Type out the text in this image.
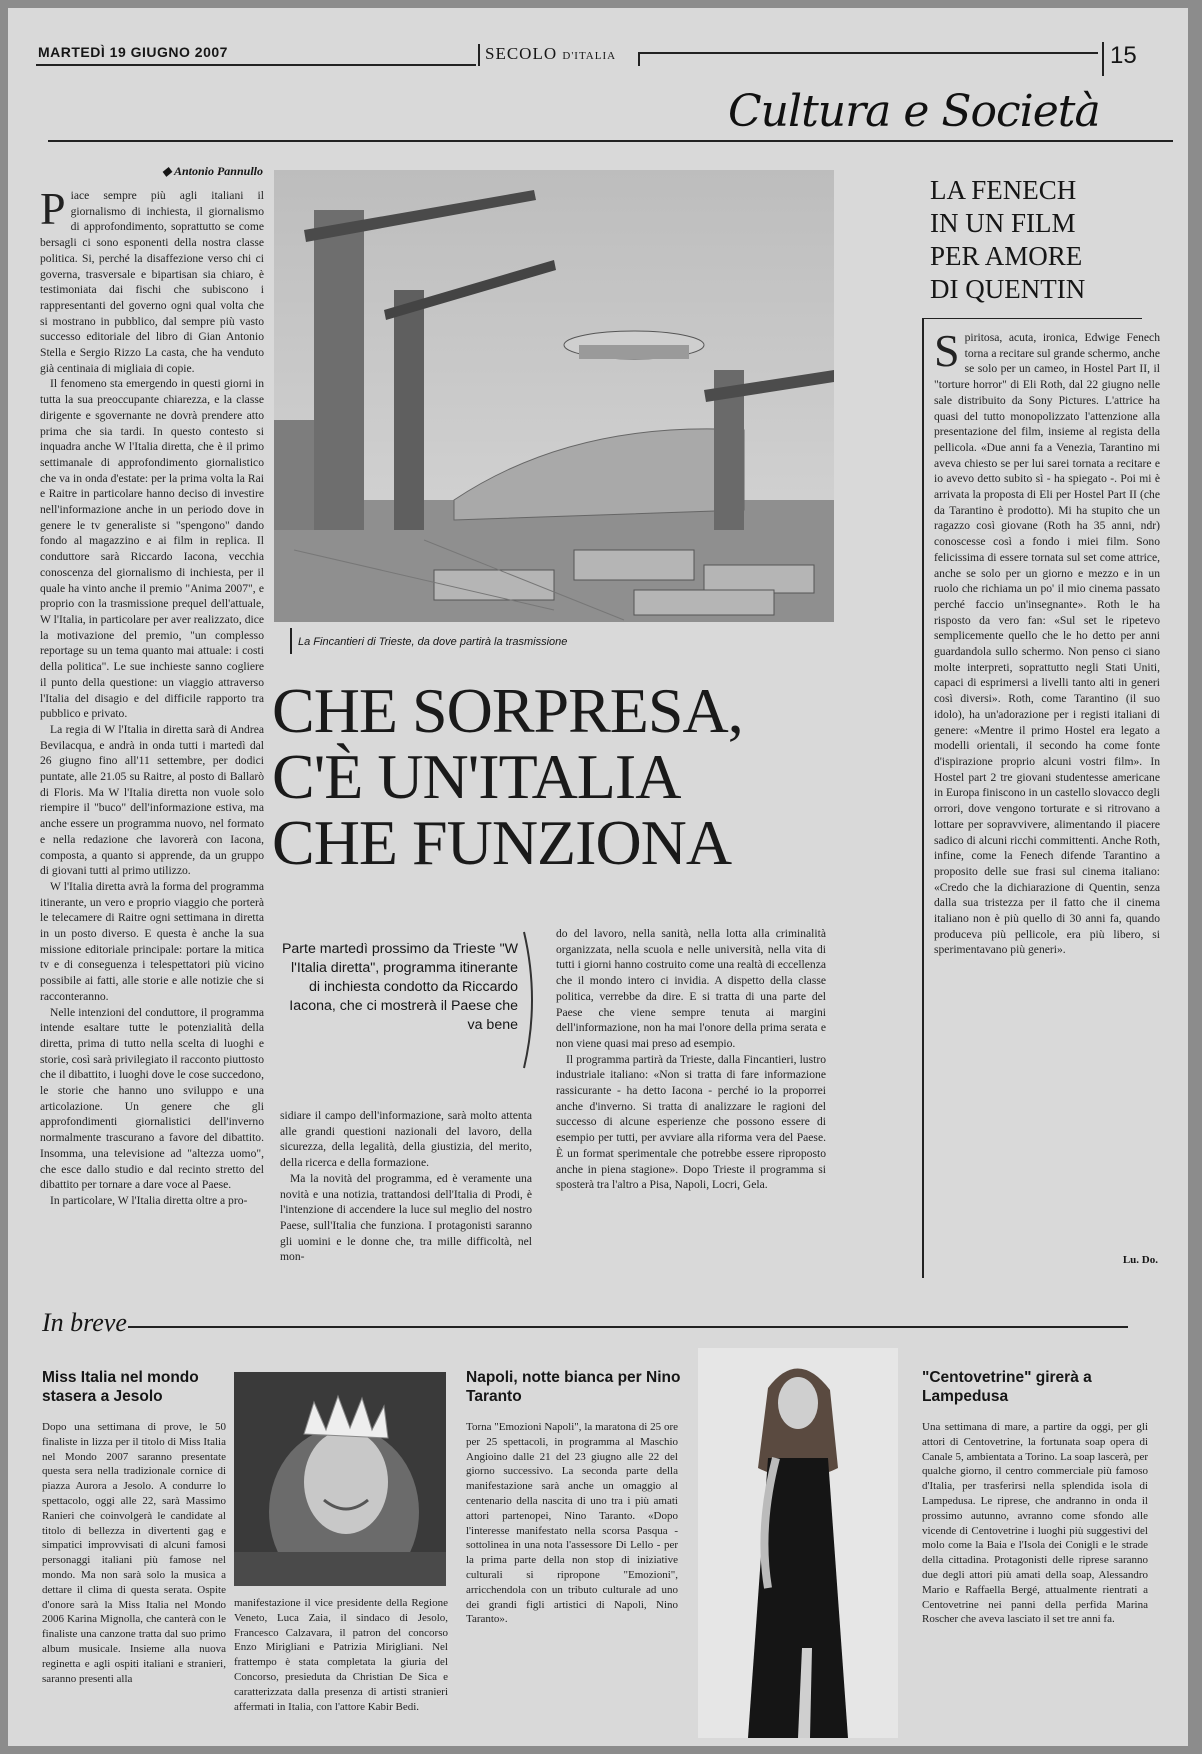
MARTEDÌ 19 GIUGNO 2007	SECOLO D'ITALIA	15
Cultura e Società
◆ Antonio Pannullo

Piace sempre più agli italiani il giornalismo di inchiesta, il giornalismo di approfondimento, soprattutto se come bersagli ci sono esponenti della nostra classe politica. Si, perché la disaffezione verso chi ci governa, trasversale e bipartisan sia chiaro, è testimoniata dai fischi che subiscono i rappresentanti del governo ogni qual volta che si mostrano in pubblico, dal sempre più vasto successo editoriale del libro di Gian Antonio Stella e Sergio Rizzo La casta, che ha venduto già centinaia di migliaia di copie.

Il fenomeno sta emergendo in questi giorni in tutta la sua preoccupante chiarezza, e la classe dirigente e sgovernante ne dovrà prendere atto prima che sia tardi. In questo contesto si inquadra anche W l'Italia diretta, che è il primo settimanale di approfondimento giornalistico che va in onda d'estate: per la prima volta la Rai e Raitre in particolare hanno deciso di investire nell'informazione anche in un periodo dove in genere le tv generaliste si "spengono" dando fondo al magazzino e ai film in replica. Il conduttore sarà Riccardo Iacona, vecchia conoscenza del giornalismo di inchiesta, per il quale ha vinto anche il premio "Anima 2007", e proprio con la trasmissione prequel dell'attuale, W l'Italia, in particolare per aver realizzato, dice la motivazione del premio, "un complesso reportage su un tema quanto mai attuale: i costi della politica". Le sue inchieste sanno cogliere il punto della questione: un viaggio attraverso l'Italia del disagio e del difficile rapporto tra pubblico e privato.

La regia di W l'Italia in diretta sarà di Andrea Bevilacqua, e andrà in onda tutti i martedì dal 26 giugno fino all'11 settembre, per dodici puntate, alle 21.05 su Raitre, al posto di Ballarò di Floris. Ma W l'Italia diretta non vuole solo riempire il "buco" dell'informazione estiva, ma anche essere un programma nuovo, nel formato e nella redazione che lavorerà con Iacona, composta, a quanto si apprende, da un gruppo di giovani tutti al primo utilizzo.

W l'Italia diretta avrà la forma del programma itinerante, un vero e proprio viaggio che porterà le telecamere di Raitre ogni settimana in diretta in un posto diverso. E questa è anche la sua missione editoriale principale: portare la mitica tv e di conseguenza i telespettatori più vicino possibile ai fatti, alle storie e alle notizie che si racconteranno.

Nelle intenzioni del conduttore, il programma intende esaltare tutte le potenzialità della diretta, prima di tutto nella scelta di luoghi e storie, così sarà privilegiato il racconto piuttosto che il dibattito, i luoghi dove le cose succedono, le storie che hanno uno sviluppo e una articolazione. Un genere che gli approfondimenti giornalistici dell'inverno normalmente trascurano a favore del dibattito. Insomma, una televisione ad "altezza uomo", che esce dallo studio e dal recinto stretto del dibattito per tornare a dare voce al Paese.

In particolare, W l'Italia diretta oltre a pro-

La Fincantieri di Trieste, da dove partirà la trasmissione
CHE SORPRESA,
C'È UN'ITALIA
CHE FUNZIONA
Parte martedì prossimo da Trieste "W l'Italia diretta", programma itinerante di inchiesta condotto da Riccardo Iacona, che ci mostrerà il Paese che va bene

sidiare il campo dell'informazione, sarà molto attenta alle grandi questioni nazionali del lavoro, della sicurezza, della legalità, della giustizia, del merito, della ricerca e della formazione.

Ma la novità del programma, ed è veramente una novità e una notizia, trattandosi dell'Italia di Prodi, è l'intenzione di accendere la luce sul meglio del nostro Paese, sull'Italia che funziona. I protagonisti saranno gli uomini e le donne che, tra mille difficoltà, nel mon-

do del lavoro, nella sanità, nella lotta alla criminalità organizzata, nella scuola e nelle università, nella vita di tutti i giorni hanno costruito come una realtà di eccellenza che il mondo intero ci invidia. A dispetto della classe politica, verrebbe da dire. E si tratta di una parte del Paese che viene sempre tenuta ai margini dell'informazione, non ha mai l'onore della prima serata e non viene quasi mai preso ad esempio.

Il programma partirà da Trieste, dalla Fincantieri, lustro industriale italiano: «Non si tratta di fare informazione rassicurante - ha detto Iacona - perché io la proporrei anche d'inverno. Si tratta di analizzare le ragioni del successo di alcune esperienze che possono essere di esempio per tutti, per avviare alla riforma vera del Paese. È un format sperimentale che potrebbe essere riproposto anche in piena stagione». Dopo Trieste il programma si sposterà tra l'altro a Pisa, Napoli, Locri, Gela.

LA FENECH
IN UN FILM
PER AMORE
DI QUENTIN

Spiritosa, acuta, ironica, Edwige Fenech torna a recitare sul grande schermo, anche se solo per un cameo, in Hostel Part II, il "torture horror" di Eli Roth, dal 22 giugno nelle sale distribuito da Sony Pictures. L'attrice ha quasi del tutto monopolizzato l'attenzione alla presentazione del film, insieme al regista della pellicola. «Due anni fa a Venezia, Tarantino mi aveva chiesto se per lui sarei tornata a recitare e io avevo detto subito sì - ha spiegato -. Poi mi è arrivata la proposta di Eli per Hostel Part II (che da Tarantino è prodotto). Mi ha stupito che un ragazzo così giovane (Roth ha 35 anni, ndr) conoscesse così a fondo i miei film. Sono felicissima di essere tornata sul set come attrice, anche se solo per un giorno e mezzo e in un ruolo che richiama un po' il mio cinema passato perché faccio un'insegnante». Roth le ha risposto da vero fan: «Sul set le ripetevo semplicemente quello che le ho detto per anni guardandola sullo schermo. Non penso ci siano molte interpreti, soprattutto negli Stati Uniti, capaci di esprimersi a livelli tanto alti in generi così diversi». Roth, come Tarantino (il suo idolo), ha un'adorazione per i registi italiani di genere: «Mentre il primo Hostel era legato a modelli orientali, il secondo ha come fonte d'ispirazione proprio alcuni vostri film». In Hostel part 2 tre giovani studentesse americane in Europa finiscono in un castello slovacco degli orrori, dove vengono torturate e si ritrovano a lottare per sopravvivere, alimentando il piacere sadico di alcuni ricchi committenti. Anche Roth, infine, come la Fenech difende Tarantino a proposito delle sue frasi sul cinema italiano: «Credo che la dichiarazione di Quentin, senza dalla sua tristezza per il fatto che il cinema italiano non è più quello di 30 anni fa, quando produceva più pellicole, era più libero, si sperimentavano più generi».

Lu. Do.
In breve
Miss Italia nel mondo stasera a Jesolo
Dopo una settimana di prove, le 50 finaliste in lizza per il titolo di Miss Italia nel Mondo 2007 saranno presentate questa sera nella tradizionale cornice di piazza Aurora a Jesolo. A condurre lo spettacolo, oggi alle 22, sarà Massimo Ranieri che coinvolgerà le candidate al titolo di bellezza in divertenti gag e simpatici improvvisati di alcuni famosi personaggi italiani più famose nel mondo. Ma non sarà solo la musica a dettare il clima di questa serata. Ospite d'onore sarà la Miss Italia nel Mondo 2006 Karina Mignolla, che canterà con le finaliste una canzone tratta dal suo primo album musicale. Insieme alla nuova reginetta e agli ospiti italiani e stranieri, saranno presenti alla
manifestazione il vice presidente della Regione Veneto, Luca Zaia, il sindaco di Jesolo, Francesco Calzavara, il patron del concorso Enzo Mirigliani e Patrizia Mirigliani. Nel frattempo è stata completata la giuria del Concorso, presieduta da Christian De Sica e caratterizzata dalla presenza di artisti stranieri affermati in Italia, con l'attore Kabir Bedi.
Napoli, notte bianca per Nino Taranto
Torna "Emozioni Napoli", la maratona di 25 ore per 25 spettacoli, in programma al Maschio Angioino dalle 21 del 23 giugno alle 22 del giorno successivo. La seconda parte della manifestazione sarà anche un omaggio al centenario della nascita di uno tra i più amati attori partenopei, Nino Taranto. «Dopo l'interesse manifestato nella scorsa Pasqua - sottolinea in una nota l'assessore Di Lello - per la prima parte della non stop di iniziative culturali si ripropone "Emozioni", arricchendola con un tributo culturale ad uno dei grandi figli artistici di Napoli, Nino Taranto».
"Centovetrine" girerà a Lampedusa
Una settimana di mare, a partire da oggi, per gli attori di Centovetrine, la fortunata soap opera di Canale 5, ambientata a Torino. La soap lascerà, per qualche giorno, il centro commerciale più famoso d'Italia, per trasferirsi nella splendida isola di Lampedusa. Le riprese, che andranno in onda il prossimo autunno, avranno come sfondo alle vicende di Centovetrine i luoghi più suggestivi del molo come la Baia e l'Isola dei Conigli e le strade della cittadina. Protagonisti delle riprese saranno due degli attori più amati della soap, Alessandro Mario e Raffaella Bergé, attualmente rientrati a Centovetrine nei panni della perfida Marina Roscher che aveva lasciato il set tre anni fa.
